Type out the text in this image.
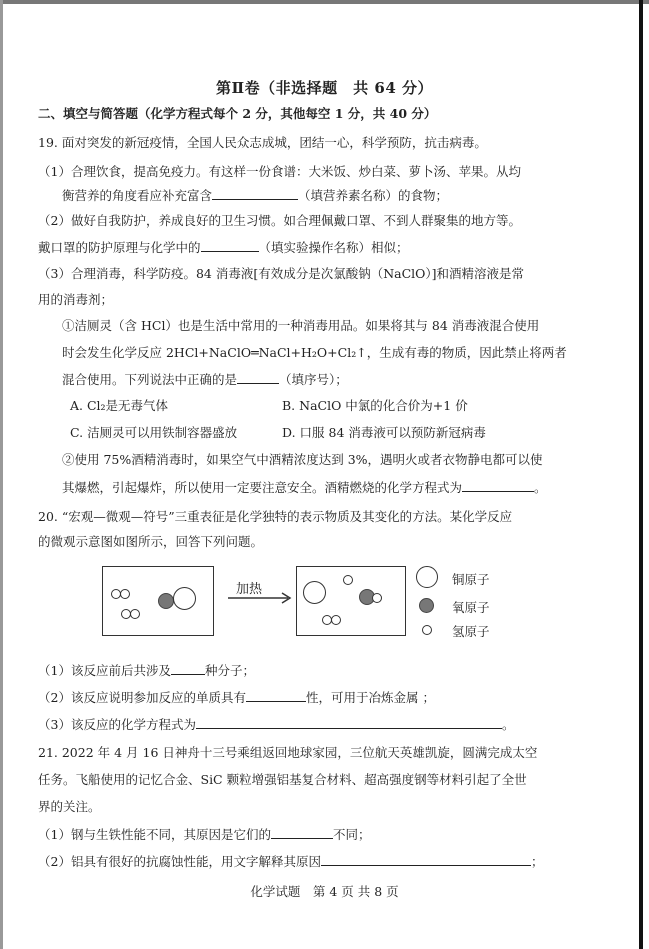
第Ⅱ卷（非选择题　共 64 分）
二、填空与简答题（化学方程式每个 2 分，其他每空 1 分，共 40 分）
19. 面对突发的新冠疫情，全国人民众志成城，团结一心，科学预防，抗击病毒。
（1）合理饮食，提高免疫力。有这样一份食谱：大米饭、炒白菜、萝卜汤、苹果。从均
衡营养的角度看应补充富含	（填营养素名称）的食物；
（2）做好自我防护，养成良好的卫生习惯。如合理佩戴口罩、不到人群聚集的地方等。
戴口罩的防护原理与化学中的	（填实验操作名称）相似；
（3）合理消毒，科学防疫。84 消毒液[有效成分是次氯酸钠（NaClO）]和酒精溶液是常
用的消毒剂；
①洁厕灵（含 HCl）也是生活中常用的一种消毒用品。如果将其与 84 消毒液混合使用
时会发生化学反应 2HCl+NaClO═NaCl+H₂O+Cl₂↑，生成有毒的物质，因此禁止将两者
混合使用。下列说法中正确的是	（填序号）；
A. Cl₂是无毒气体	B. NaClO 中氯的化合价为+1 价
C. 洁厕灵可以用铁制容器盛放	D. 口服 84 消毒液可以预防新冠病毒
②使用 75%酒精消毒时，如果空气中酒精浓度达到 3%，遇明火或者衣物静电都可以使
其爆燃，引起爆炸，所以使用一定要注意安全。酒精燃烧的化学方程式为	。
20. “宏观—微观—符号”三重表征是化学独特的表示物质及其变化的方法。某化学反应
的微观示意图如图所示，回答下列问题。
加热
铜原子
氧原子
氢原子
（1）该反应前后共涉及	种分子；
（2）该反应说明参加反应的单质具有	性，可用于冶炼金属 ；
（3）该反应的化学方程式为	。
21. 2022 年 4 月 16 日神舟十三号乘组返回地球家园，三位航天英雄凯旋，圆满完成太空
任务。飞船使用的记忆合金、SiC 颗粒增强铝基复合材料、超高强度钢等材料引起了全世
界的关注。
（1）钢与生铁性能不同，其原因是它们的	不同；
（2）铝具有很好的抗腐蚀性能，用文字解释其原因	；
化学试题　第 4 页 共 8 页
